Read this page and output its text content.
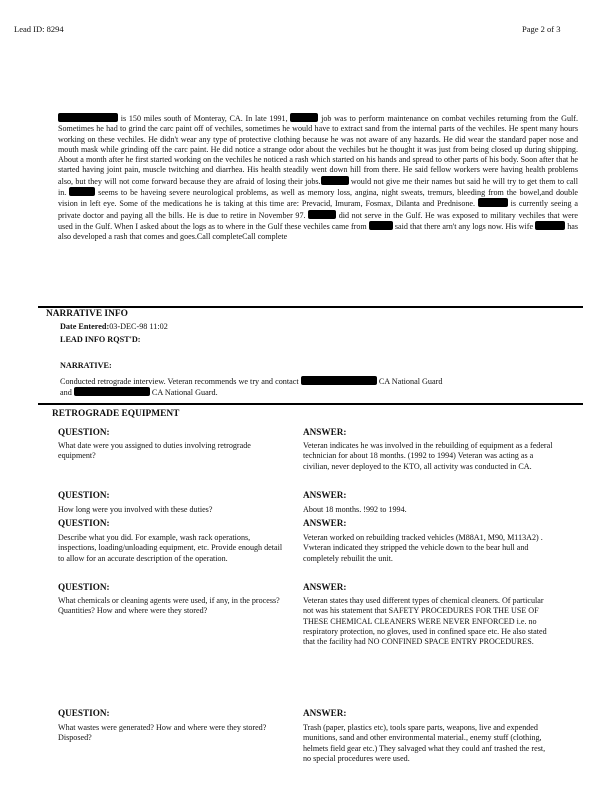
Lead ID: 8294	Page 2 of 3
is 150 miles south of Monteray, CA. In late 1991,	job was to perform maintenance on combat vechiles returning from the Gulf. Sometimes he had to grind the carc paint off of vechiles, sometimes he would have to extract sand from the internal parts of the vechiles. He spent many hours working on these vechiles. He didn't wear any type of protective clothing because he was not aware of any hazards. He did wear the standard paper nose and mouth mask while grinding off the carc paint. He did notice a strange odor about the vechiles but he thought it was just from being closed up during shipping. About a month after he first started working on the vechiles he noticed a rash which started on his hands and spread to other parts of his body. Soon after that he started having joint pain, muscle twitching and diarrhea. His health steadily went down hill from there. He said fellow workers were having health problems also, but they will not come forward because they are afraid of losing their jobs.	would not give me their names but said he will try to get them to call in.	seems to be haveing severe neurological problems, as well as memory loss, angina, night sweats, tremurs, bleeding from the bowel,and double vision in left eye. Some of the medications he is taking at this time are: Prevacid, Imuram, Fosmax, Dilanta and Prednisone.	is currently seeing a private doctor and paying all the bills. He is due to retire in November 97.	did not serve in the Gulf. He was exposed to military vechiles that were used in the Gulf. When I asked about the logs as to where in the Gulf these vechiles came from	said that there arn't any logs now. His wife	has also developed a rash that comes and goes.Call completeCall complete
NARRATIVE INFO
Date Entered:03-DEC-98 11:02
LEAD INFO RQST'D:
NARRATIVE:
Conducted retrograde interview. Veteran recommends we try and contact	CA National Guard
and	CA National Guard.
RETROGRADE EQUIPMENT
QUESTION:
What date were you assigned to duties involving retrograde equipment?
ANSWER:
Veteran indicates he was involved in the rebuilding of equipment as a federal technician for about 18 months. (1992 to 1994) Veteran was acting as a civilian, never deployed to the KTO, all activity was conducted in CA.
QUESTION:
How long were you involved with these duties?
ANSWER:
About 18 months. !992 to 1994.
QUESTION:
Describe what you did. For example, wash rack operations, inspections, loading/unloading equipment, etc. Provide enough detail to allow for an accurate description of the operation.
ANSWER:
Veteran worked on rebuilding tracked vehicles (M88A1, M90, M113A2) . Vwteran indicated they stripped the vehicle down to the bear hull and completely rebuilit the unit.
QUESTION:
What chemicals or cleaning agents were used, if any, in the process? Quantities? How and where were they stored?
ANSWER:
Veteran states thay used different types of chemical cleaners. Of particular not was his statement that SAFETY PROCEDURES FOR THE USE OF THESE CHEMICAL CLEANERS WERE NEVER ENFORCED i.e. no respiratory protection, no gloves, used in confined space etc. He also stated that the facility had NO CONFINED SPACE ENTRY PROCEDURES.
QUESTION:
What wastes were generated? How and where were they stored? Disposed?
ANSWER:
Trash (paper, plastics etc), tools spare parts, weapons, live and expended munitions, sand and other environmental material., enemy stuff (clothing, helmets field gear etc.) They salvaged what they could anf trashed the rest, no special procedures were used.
